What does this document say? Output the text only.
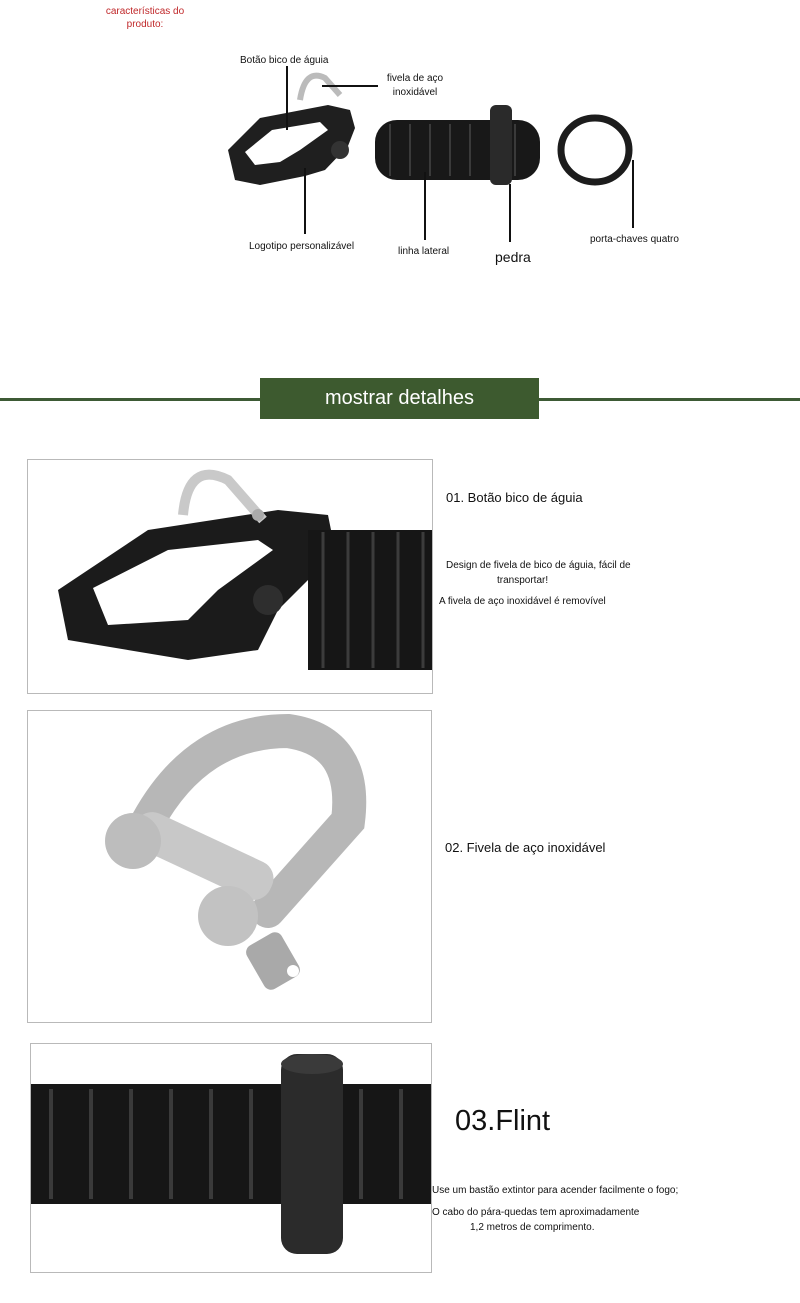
características do produto:
Botão bico de águia
fivela de aço inoxidável
Logotipo personalizável	linha lateral	pedra
porta-chaves quatro
mostrar detalhes
01. Botão bico de águia
Design de fivela de bico de águia, fácil de
transportar!
A fivela de aço inoxidável é removível
02. Fivela de aço inoxidável
03.Flint
Use um bastão extintor para acender facilmente o fogo;
O cabo do pára-quedas tem aproximadamente
1,2 metros de comprimento.
